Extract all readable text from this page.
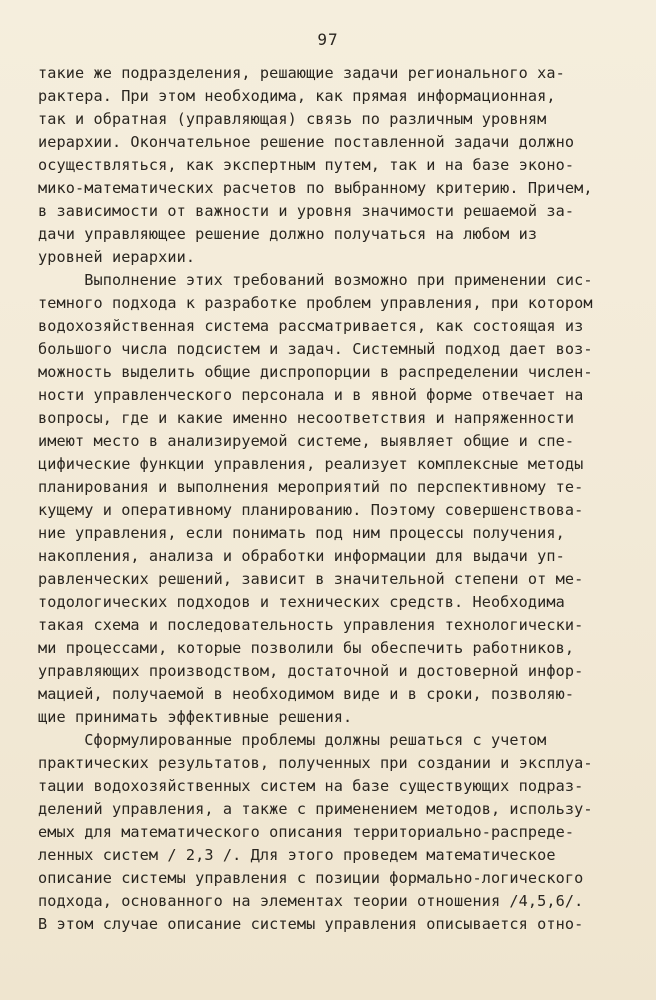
97
такие же подразделения, решающие задачи регионального ха-
рактера. При этом необходима, как прямая информационная,
так и обратная (управляющая) связь по различным уровням
иерархии. Окончательное решение поставленной задачи должно
осуществляться, как экспертным путем, так и на базе эконо-
мико-математических расчетов по выбранному критерию. Причем,
в зависимости от важности и уровня значимости решаемой за-
дачи управляющее решение должно получаться на любом из
уровней иерархии.
Выполнение этих требований возможно при применении сис-
темного подхода к разработке проблем управления, при котором
водохозяйственная система рассматривается, как состоящая из
большого числа подсистем и задач. Системный подход дает воз-
можность выделить общие диспропорции в распределении числен-
ности управленческого персонала и в явной форме отвечает на
вопросы, где и какие именно несоответствия и напряженности
имеют место в анализируемой системе, выявляет общие и спе-
цифические функции управления, реализует комплексные методы
планирования и выполнения мероприятий по перспективному те-
кущему и оперативному планированию. Поэтому совершенствова-
ние управления, если понимать под ним процессы получения,
накопления, анализа и обработки информации для выдачи уп-
равленческих решений, зависит в значительной степени от ме-
тодологических подходов и технических средств. Необходима
такая схема и последовательность управления технологически-
ми процессами, которые позволили бы обеспечить работников,
управляющих производством, достаточной и достоверной инфор-
мацией, получаемой в необходимом виде и в сроки, позволяю-
щие принимать эффективные решения.
Сформулированные проблемы должны решаться с учетом
практических результатов, полученных при создании и эксплуа-
тации водохозяйственных систем на базе существующих подраз-
делений управления, а также с применением методов, использу-
емых для математического описания территориально-распреде-
ленных систем / 2,3 /. Для этого проведем математическое
описание системы управления с позиции формально-логического
подхода, основанного на элементах теории отношения /4,5,6/.
В этом случае описание системы управления описывается отно-
